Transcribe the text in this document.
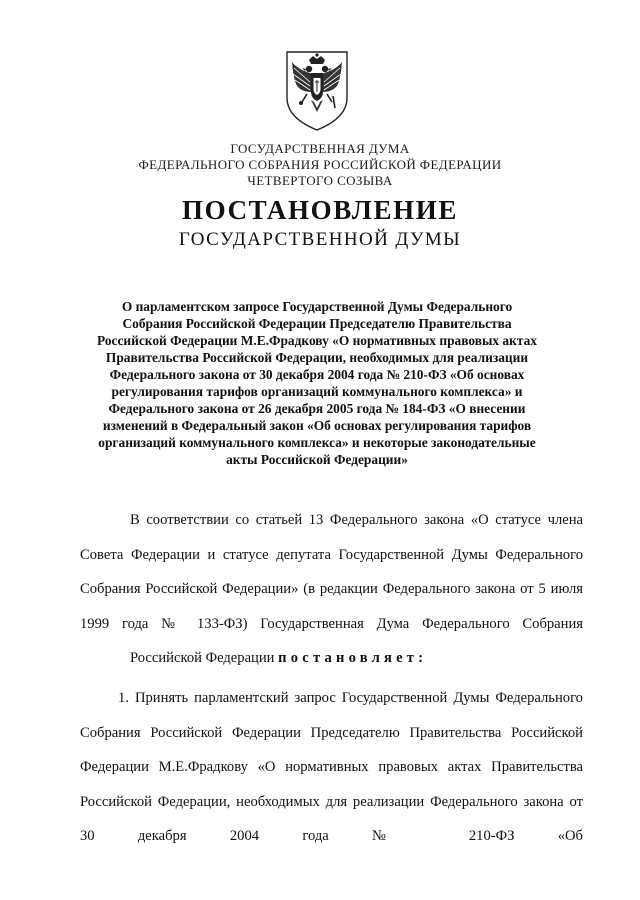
ГОСУДАРСТВЕННАЯ ДУМА
ФЕДЕРАЛЬНОГО СОБРАНИЯ РОССИЙСКОЙ ФЕДЕРАЦИИ
ЧЕТВЕРТОГО СОЗЫВА
ПОСТАНОВЛЕНИЕ
ГОСУДАРСТВЕННОЙ ДУМЫ
О парламентском запросе Государственной Думы Федерального Собрания Российской Федерации Председателю Правительства Российской Федерации М.Е.Фрадкову «О нормативных правовых актах Правительства Российской Федерации, необходимых для реализации Федерального закона от 30 декабря 2004 года № 210-ФЗ «Об основах регулирования тарифов организаций коммунального комплекса» и Федерального закона от 26 декабря 2005 года № 184-ФЗ «О внесении изменений в Федеральный закон «Об основах регулирования тарифов организаций коммунального комплекса» и некоторые законодательные акты Российской Федерации»
В соответствии со статьей 13 Федерального закона «О статусе члена Совета Федерации и статусе депутата Государственной Думы Федерального Собрания Российской Федерации» (в редакции Федерального закона от 5 июля 1999 года № 133-ФЗ) Государственная Дума Федерального Собрания
Российской Федерации постановляет:
1. Принять парламентский запрос Государственной Думы Федерального Собрания Российской Федерации Председателю Правительства Российской Федерации М.Е.Фрадкову «О нормативных правовых актах Правительства Российской Федерации, необходимых для реализации Федерального закона от 30 декабря 2004 года № 210-ФЗ «Об
